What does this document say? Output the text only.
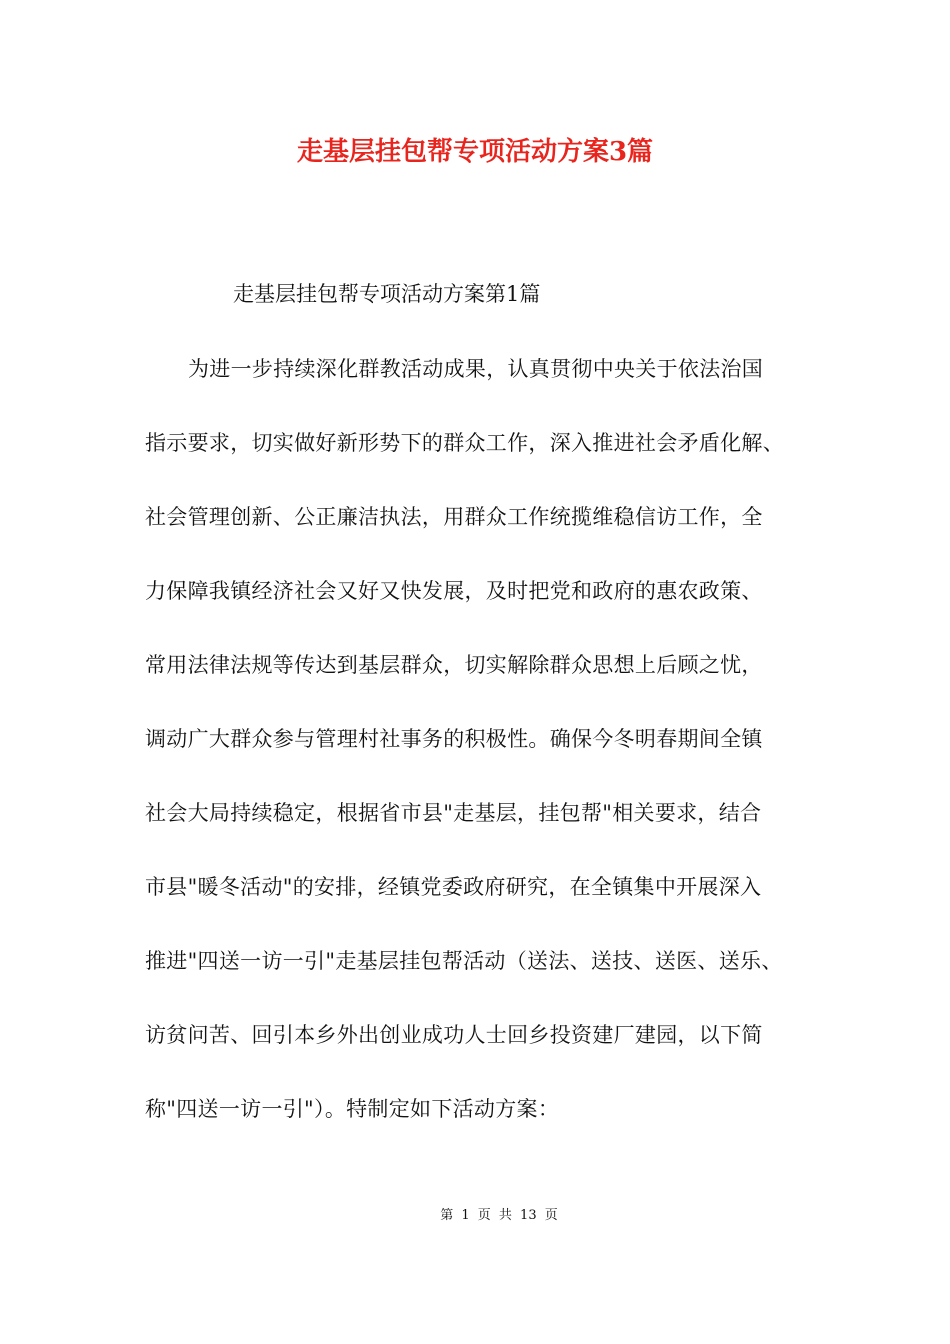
走基层挂包帮专项活动方案3篇

走基层挂包帮专项活动方案第1篇

为进一步持续深化群教活动成果，认真贯彻中央关于依法治国
指示要求，切实做好新形势下的群众工作，深入推进社会矛盾化解、
社会管理创新、公正廉洁执法，用群众工作统揽维稳信访工作，全
力保障我镇经济社会又好又快发展，及时把党和政府的惠农政策、
常用法律法规等传达到基层群众，切实解除群众思想上后顾之忧，
调动广大群众参与管理村社事务的积极性。确保今冬明春期间全镇
社会大局持续稳定，根据省市县"走基层，挂包帮"相关要求，结合
市县"暖冬活动"的安排，经镇党委政府研究，在全镇集中开展深入
推进"四送一访一引"走基层挂包帮活动（送法、送技、送医、送乐、
访贫问苦、回引本乡外出创业成功人士回乡投资建厂建园，以下简
称"四送一访一引"）。特制定如下活动方案：
第 1 页 共 13 页
